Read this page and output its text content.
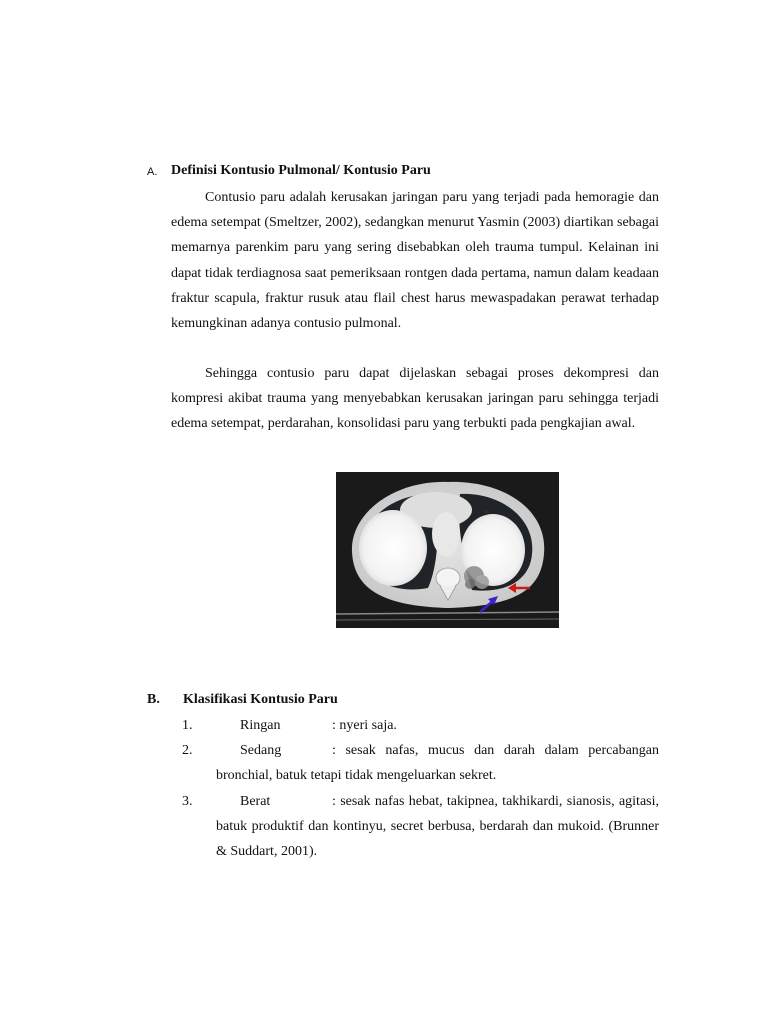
A. Definisi Kontusio Pulmonal/ Kontusio Paru

Contusio paru adalah kerusakan jaringan paru yang terjadi pada hemoragie dan edema setempat (Smeltzer, 2002), sedangkan menurut Yasmin (2003) diartikan sebagai memarnya parenkim paru yang sering disebabkan oleh trauma tumpul. Kelainan ini dapat tidak terdiagnosa saat pemeriksaan rontgen dada pertama, namun dalam keadaan fraktur scapula, fraktur rusuk atau flail chest harus mewaspadakan perawat terhadap kemungkinan adanya contusio pulmonal.

Sehingga contusio paru dapat dijelaskan sebagai proses dekompresi dan kompresi akibat trauma yang menyebabkan kerusakan jaringan paru sehingga terjadi edema setempat, perdarahan, konsolidasi paru yang terbukti pada pengkajian awal.

B. Klasifikasi Kontusio Paru
1.	Ringan	: nyeri saja.
2.	Sedang	: sesak nafas, mucus dan darah dalam percabangan bronchial, batuk tetapi tidak mengeluarkan sekret.
3.	Berat	: sesak nafas hebat, takipnea, takhikardi, sianosis, agitasi, batuk produktif dan kontinyu, secret berbusa, berdarah dan mukoid. (Brunner & Suddart, 2001).
